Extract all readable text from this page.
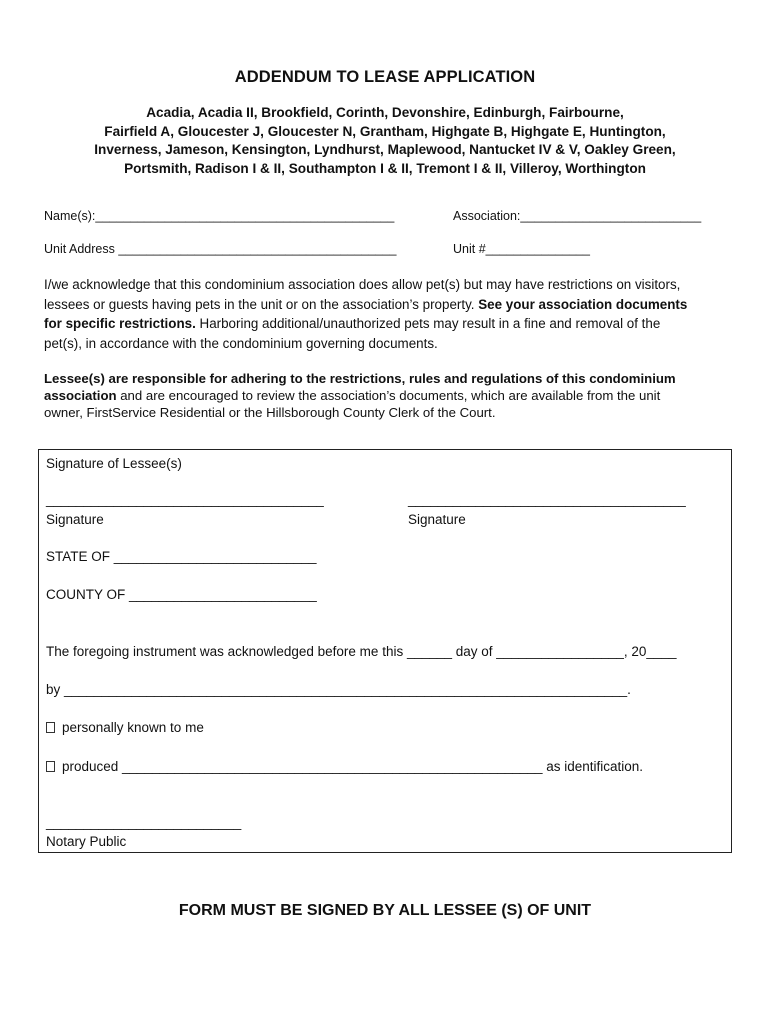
ADDENDUM TO LEASE APPLICATION
Acadia, Acadia II, Brookfield, Corinth, Devonshire, Edinburgh, Fairbourne,
Fairfield A, Gloucester J, Gloucester N, Grantham, Highgate B, Highgate E, Huntington,
Inverness, Jameson, Kensington, Lyndhurst, Maplewood, Nantucket IV & V, Oakley Green,
Portsmith, Radison I & II, Southampton I & II, Tremont I & II, Villeroy, Worthington
Name(s):___________________________________________	Association:__________________________
Unit Address ________________________________________	Unit #_______________
I/we acknowledge that this condominium association does allow pet(s) but may have restrictions on visitors,
lessees or guests having pets in the unit or on the association’s property. See your association documents
for specific restrictions. Harboring additional/unauthorized pets may result in a fine and removal of the
pet(s), in accordance with the condominium governing documents.
Lessee(s) are responsible for adhering to the restrictions, rules and regulations of this condominium
association and are encouraged to review the association’s documents, which are available from the unit
owner, FirstService Residential or the Hillsborough County Clerk of the Court.
Signature of Lessee(s)
_____________________________________	_____________________________________
Signature	Signature
STATE OF ___________________________
COUNTY OF _________________________
The foregoing instrument was acknowledged before me this ______ day of _________________, 20____
by ___________________________________________________________________________.
personally known to me
produced ________________________________________________________ as identification.
__________________________
Notary Public
FORM MUST BE SIGNED BY ALL LESSEE (S) OF UNIT
